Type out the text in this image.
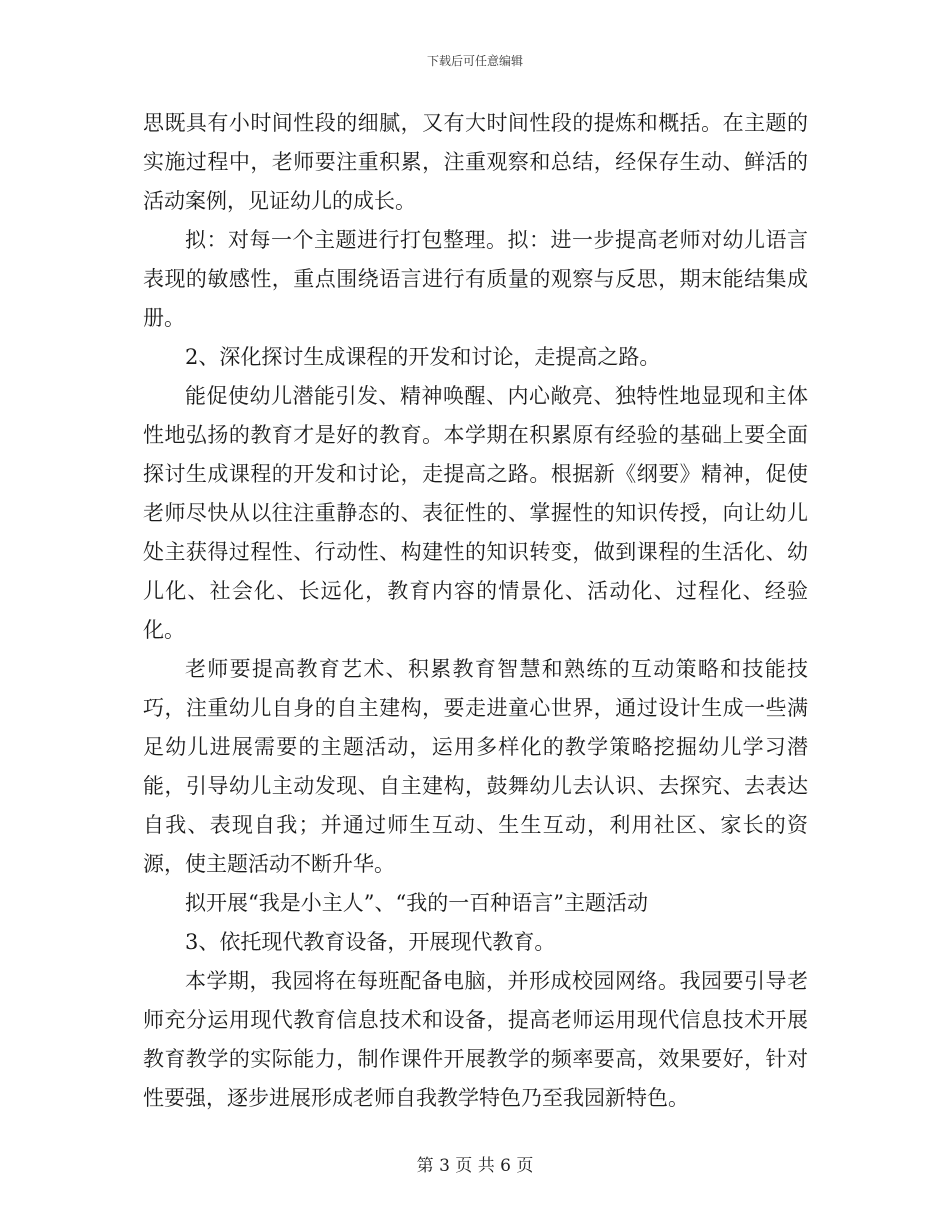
下载后可任意编辑

思既具有小时间性段的细腻，又有大时间性段的提炼和概括。在主题的实施过程中，老师要注重积累，注重观察和总结，经保存生动、鲜活的活动案例，见证幼儿的成长。

拟：对每一个主题进行打包整理。拟：进一步提高老师对幼儿语言表现的敏感性，重点围绕语言进行有质量的观察与反思，期末能结集成册。

2、深化探讨生成课程的开发和讨论，走提高之路。

能促使幼儿潜能引发、精神唤醒、内心敞亮、独特性地显现和主体性地弘扬的教育才是好的教育。本学期在积累原有经验的基础上要全面探讨生成课程的开发和讨论，走提高之路。根据新《纲要》精神，促使老师尽快从以往注重静态的、表征性的、掌握性的知识传授，向让幼儿处主获得过程性、行动性、构建性的知识转变，做到课程的生活化、幼儿化、社会化、长远化，教育内容的情景化、活动化、过程化、经验化。

老师要提高教育艺术、积累教育智慧和熟练的互动策略和技能技巧，注重幼儿自身的自主建构，要走进童心世界，通过设计生成一些满足幼儿进展需要的主题活动，运用多样化的教学策略挖掘幼儿学习潜能，引导幼儿主动发现、自主建构，鼓舞幼儿去认识、去探究、去表达自我、表现自我；并通过师生互动、生生互动，利用社区、家长的资源，使主题活动不断升华。

拟开展“我是小主人”、“我的一百种语言”主题活动

3、依托现代教育设备，开展现代教育。

本学期，我园将在每班配备电脑，并形成校园网络。我园要引导老师充分运用现代教育信息技术和设备，提高老师运用现代信息技术开展教育教学的实际能力，制作课件开展教学的频率要高，效果要好，针对性要强，逐步进展形成老师自我教学特色乃至我园新特色。

第 3 页 共 6 页
